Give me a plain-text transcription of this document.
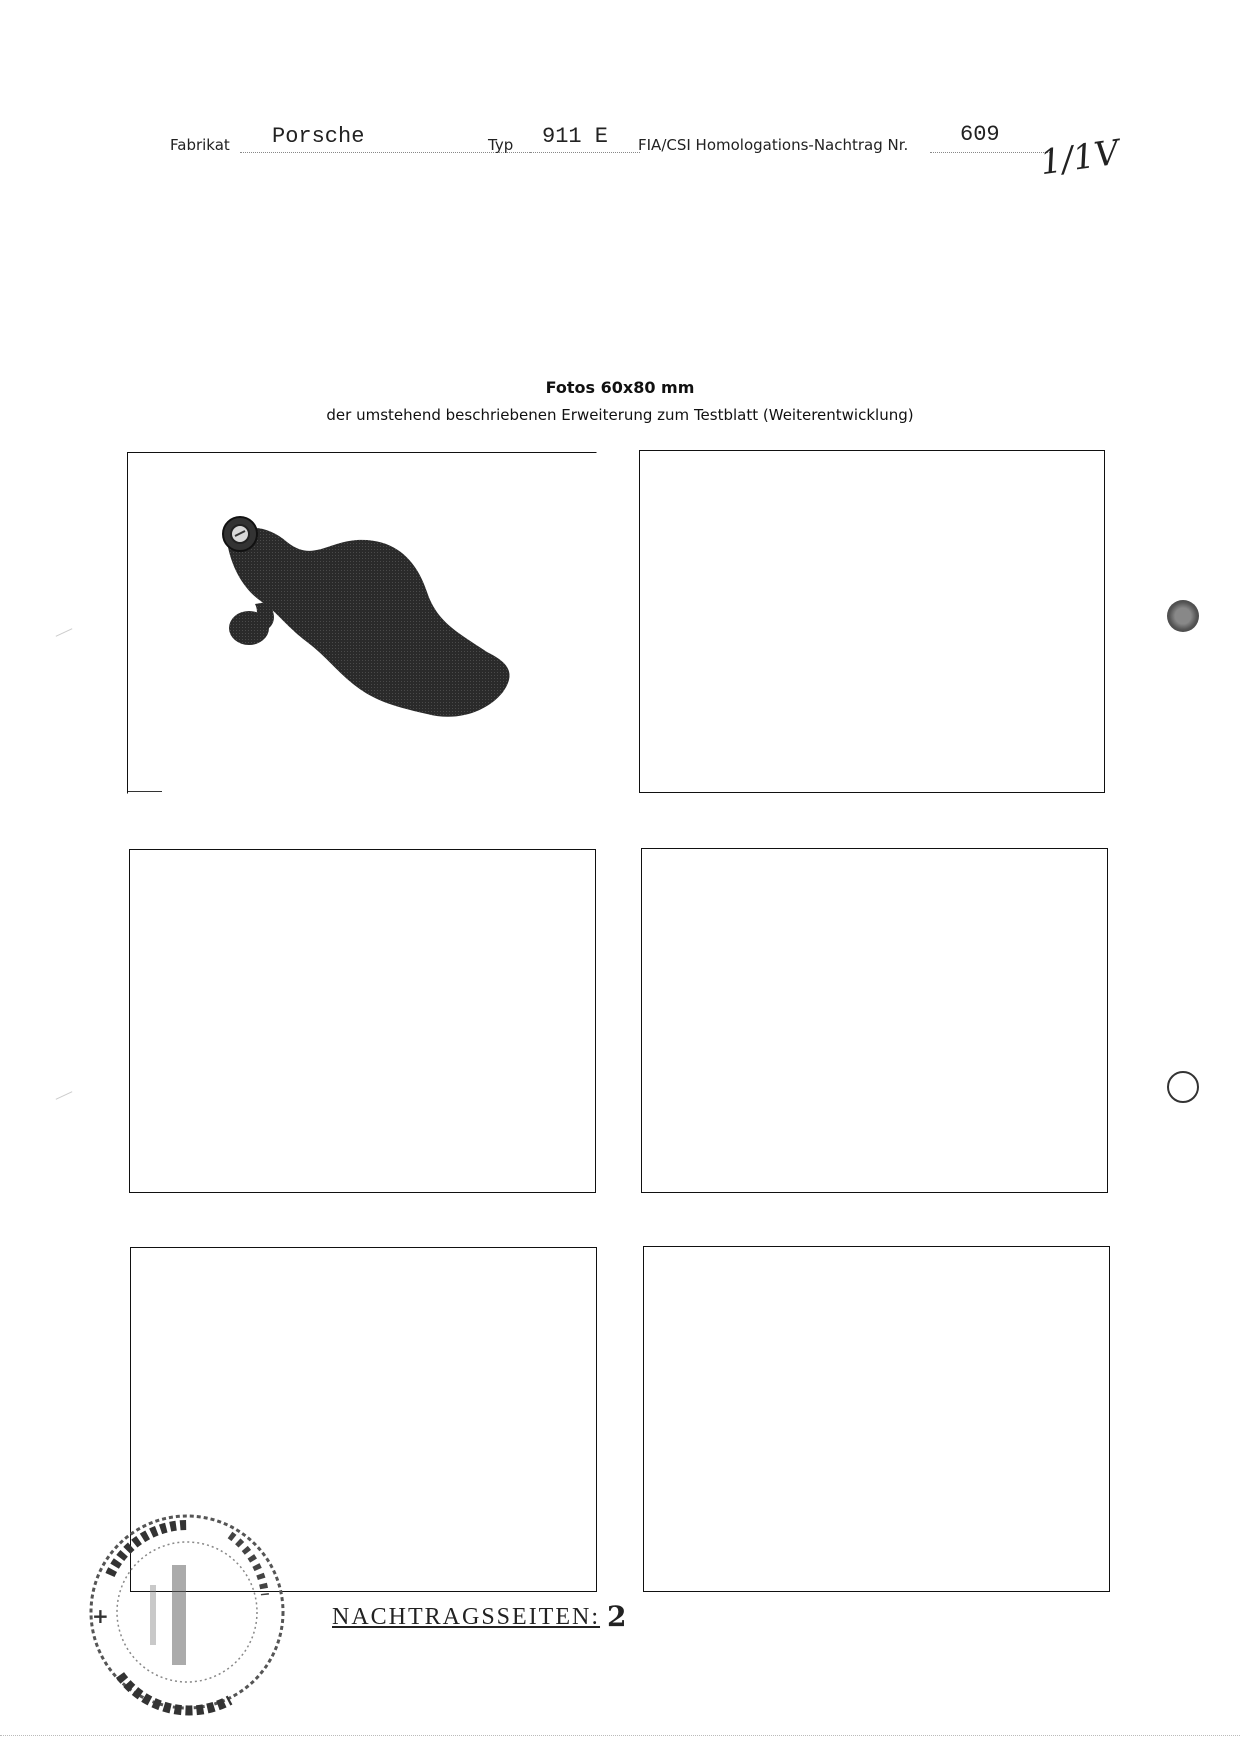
Fabrikat Porsche	Typ 911 E FIA/CSI Homologations-Nachtrag Nr. 609 1/1V
Fotos 60x80 mm
der umstehend beschriebenen Erweiterung zum Testblatt (Weiterentwicklung)
+	NACHTRAGSSEITEN: 2
